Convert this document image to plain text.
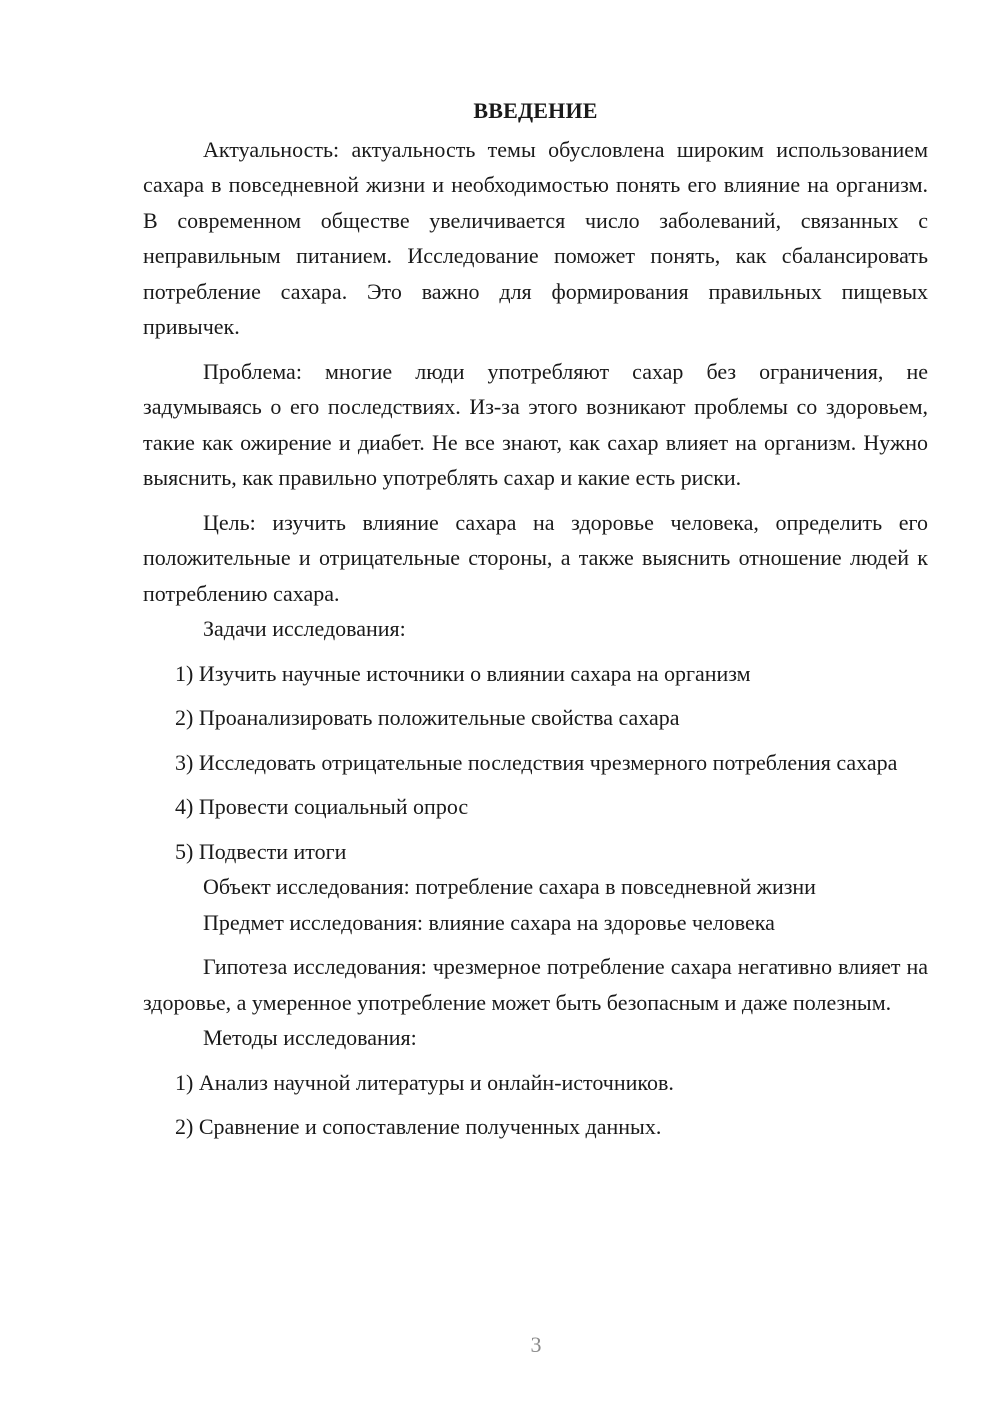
ВВЕДЕНИЕ

Актуальность: актуальность темы обусловлена широким использованием сахара в повседневной жизни и необходимостью понять его влияние на организм. В современном обществе увеличивается число заболеваний, связанных с неправильным питанием. Исследование поможет понять, как сбалансировать потребление сахара. Это важно для формирования правильных пищевых привычек.

Проблема: многие люди употребляют сахар без ограничения, не задумываясь о его последствиях. Из-за этого возникают проблемы со здоровьем, такие как ожирение и диабет. Не все знают, как сахар влияет на организм. Нужно выяснить, как правильно употреблять сахар и какие есть риски.

Цель: изучить влияние сахара на здоровье человека, определить его положительные и отрицательные стороны, а также выяснить отношение людей к потреблению сахара.

Задачи исследования:

1) Изучить научные источники о влиянии сахара на организм

2) Проанализировать положительные свойства сахара

3) Исследовать отрицательные последствия чрезмерного потребления сахара

4) Провести социальный опрос

5) Подвести итоги

Объект исследования: потребление сахара в повседневной жизни

Предмет исследования: влияние сахара на здоровье человека

Гипотеза исследования: чрезмерное потребление сахара негативно влияет на здоровье, а умеренное употребление может быть безопасным и даже полезным.

Методы исследования:

1) Анализ научной литературы и онлайн-источников.

2) Сравнение и сопоставление полученных данных.

3
